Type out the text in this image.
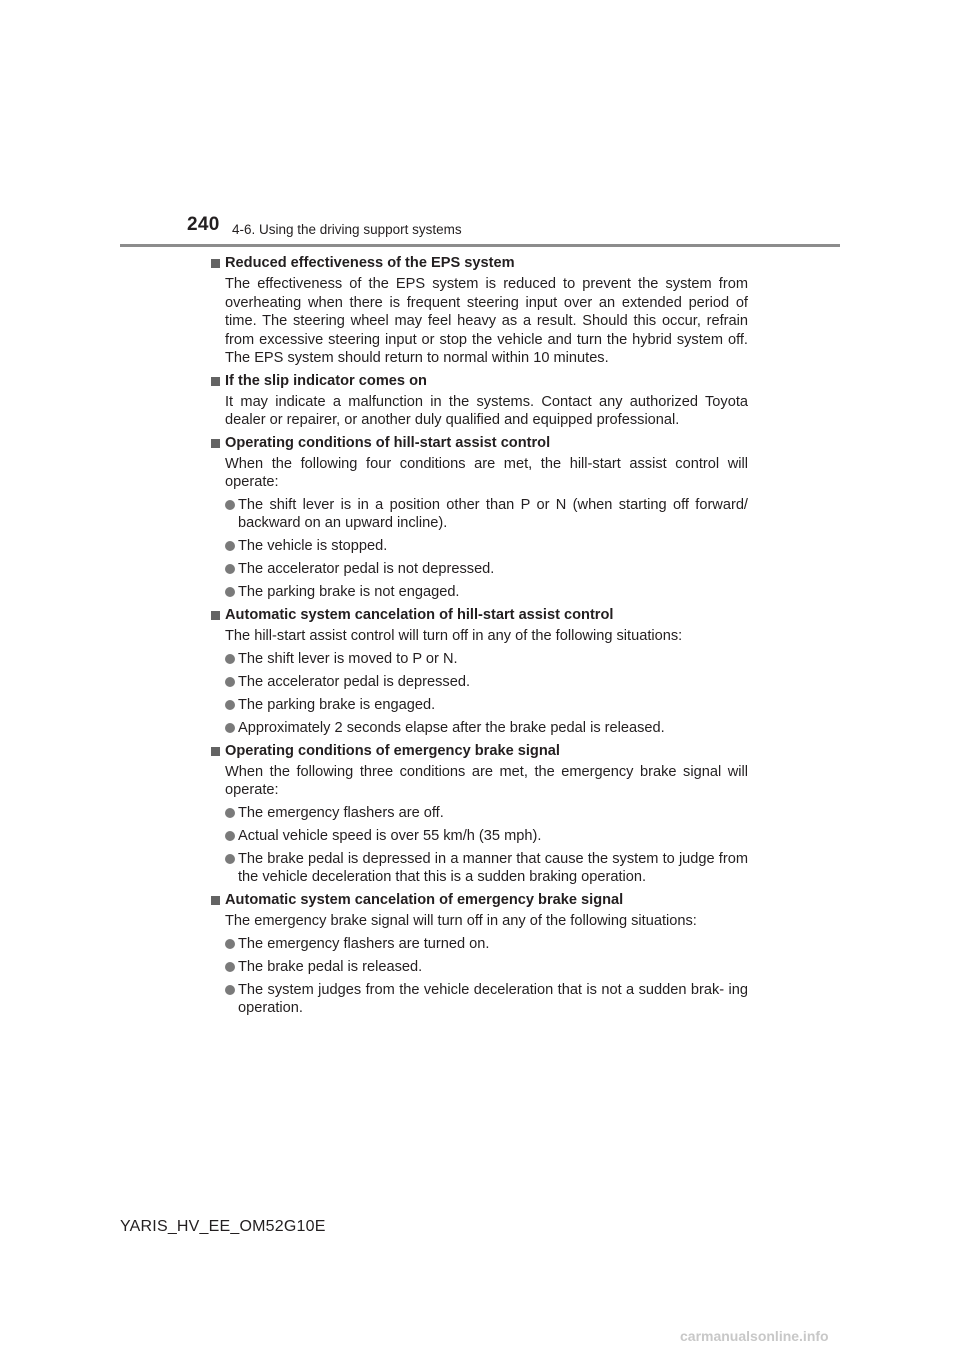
240 4-6. Using the driving support systems
Reduced effectiveness of the EPS system
The effectiveness of the EPS system is reduced to prevent the system from overheating when there is frequent steering input over an extended period of time. The steering wheel may feel heavy as a result. Should this occur, refrain from excessive steering input or stop the vehicle and turn the hybrid system off. The EPS system should return to normal within 10 minutes.
If the slip indicator comes on
It may indicate a malfunction in the systems. Contact any authorized Toyota dealer or repairer, or another duly qualified and equipped professional.
Operating conditions of hill-start assist control
When the following four conditions are met, the hill-start assist control will operate:
The shift lever is in a position other than P or N (when starting off forward/ backward on an upward incline).
The vehicle is stopped.
The accelerator pedal is not depressed.
The parking brake is not engaged.
Automatic system cancelation of hill-start assist control
The hill-start assist control will turn off in any of the following situations:
The shift lever is moved to P or N.
The accelerator pedal is depressed.
The parking brake is engaged.
Approximately 2 seconds elapse after the brake pedal is released.
Operating conditions of emergency brake signal
When the following three conditions are met, the emergency brake signal will operate:
The emergency flashers are off.
Actual vehicle speed is over 55 km/h (35 mph).
The brake pedal is depressed in a manner that cause the system to judge from the vehicle deceleration that this is a sudden braking operation.
Automatic system cancelation of emergency brake signal
The emergency brake signal will turn off in any of the following situations:
The emergency flashers are turned on.
The brake pedal is released.
The system judges from the vehicle deceleration that is not a sudden brak- ing operation.
YARIS_HV_EE_OM52G10E
carmanualsonline.info
